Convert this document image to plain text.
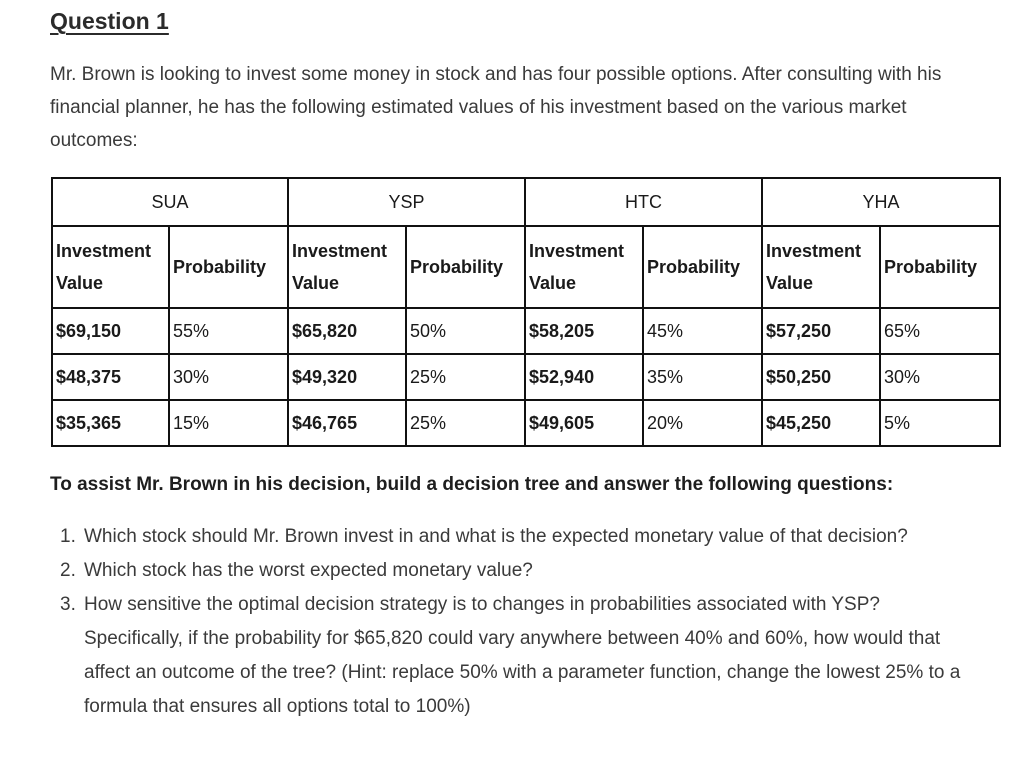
Question 1

Mr. Brown is looking to invest some money in stock and has four possible options. After consulting with his financial planner, he has the following estimated values of his investment based on the various market outcomes:

SUA		YSP		HTC		YHA	
Investment Value	Probability	Investment Value	Probability	Investment Value	Probability	Investment Value	Probability
$69,150	55%	$65,820	50%	$58,205	45%	$57,250	65%
$48,375	30%	$49,320	25%	$52,940	35%	$50,250	30%
$35,365	15%	$46,765	25%	$49,605	20%	$45,250	5%

To assist Mr. Brown in his decision, build a decision tree and answer the following questions:

1. Which stock should Mr. Brown invest in and what is the expected monetary value of that decision?
2. Which stock has the worst expected monetary value?
3. How sensitive the optimal decision strategy is to changes in probabilities associated with YSP? Specifically, if the probability for $65,820 could vary anywhere between 40% and 60%, how would that affect an outcome of the tree? (Hint: replace 50% with a parameter function, change the lowest 25% to a formula that ensures all options total to 100%)
